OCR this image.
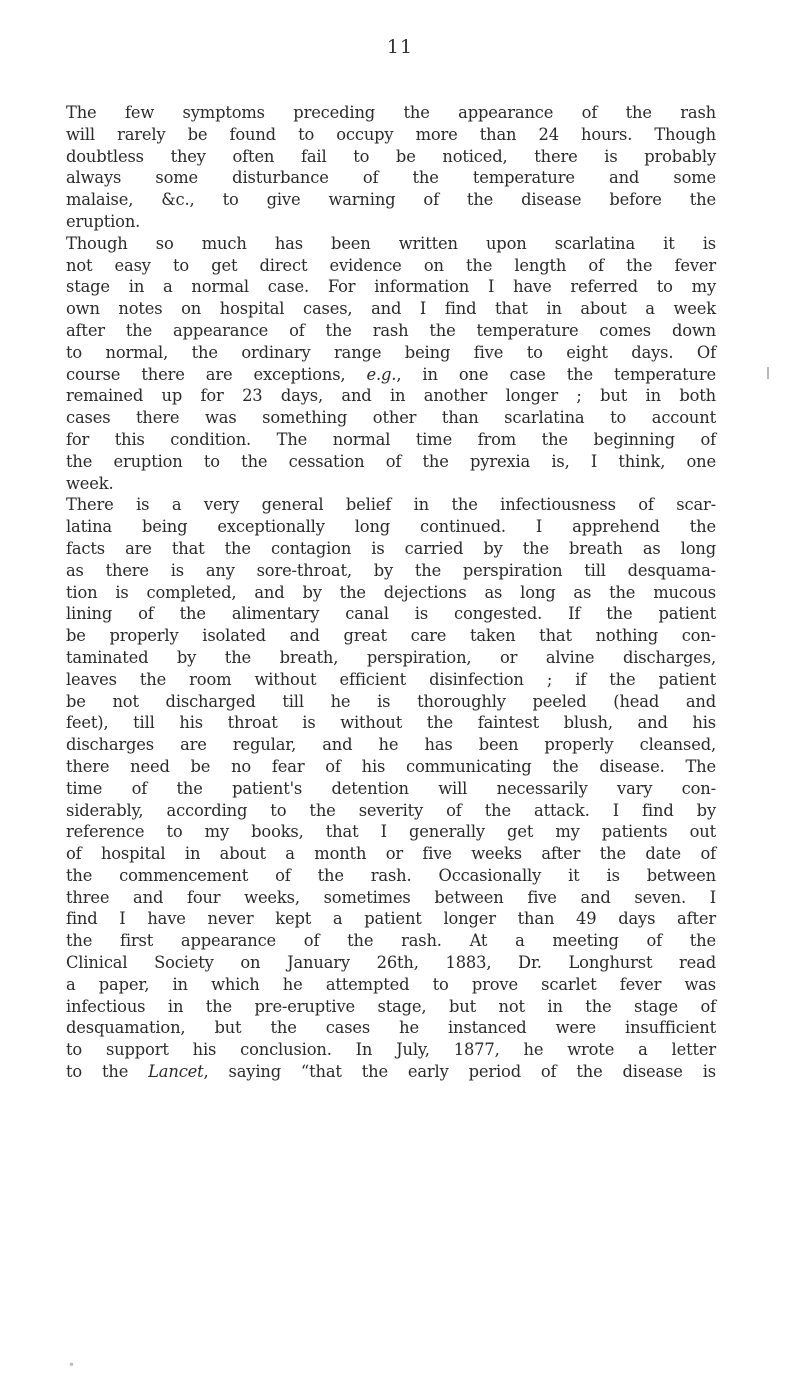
11
The few symptoms preceding the appearance of the rash
will rarely be found to occupy more than 24 hours. Though
doubtless they often fail to be noticed, there is probably
always some disturbance of the temperature and some
malaise, &c., to give warning of the disease before the
eruption.
Though so much has been written upon scarlatina it is
not easy to get direct evidence on the length of the fever
stage in a normal case. For information I have referred to my
own notes on hospital cases, and I find that in about a week
after the appearance of the rash the temperature comes down
to normal, the ordinary range being five to eight days. Of
course there are exceptions, e.g., in one case the temperature
remained up for 23 days, and in another longer ; but in both
cases there was something other than scarlatina to account
for this condition. The normal time from the beginning of
the eruption to the cessation of the pyrexia is, I think, one
week.
There is a very general belief in the infectiousness of scar-
latina being exceptionally long continued. I apprehend the
facts are that the contagion is carried by the breath as long
as there is any sore-throat, by the perspiration till desquama-
tion is completed, and by the dejections as long as the mucous
lining of the alimentary canal is congested. If the patient
be properly isolated and great care taken that nothing con-
taminated by the breath, perspiration, or alvine discharges,
leaves the room without efficient disinfection ; if the patient
be not discharged till he is thoroughly peeled (head and
feet), till his throat is without the faintest blush, and his
discharges are regular, and he has been properly cleansed,
there need be no fear of his communicating the disease. The
time of the patient's detention will necessarily vary con-
siderably, according to the severity of the attack. I find by
reference to my books, that I generally get my patients out
of hospital in about a month or five weeks after the date of
the commencement of the rash. Occasionally it is between
three and four weeks, sometimes between five and seven. I
find I have never kept a patient longer than 49 days after
the first appearance of the rash. At a meeting of the
Clinical Society on January 26th, 1883, Dr. Longhurst read
a paper, in which he attempted to prove scarlet fever was
infectious in the pre-eruptive stage, but not in the stage of
desquamation, but the cases he instanced were insufficient
to support his conclusion. In July, 1877, he wrote a letter
to the Lancet, saying “that the early period of the disease is
•
